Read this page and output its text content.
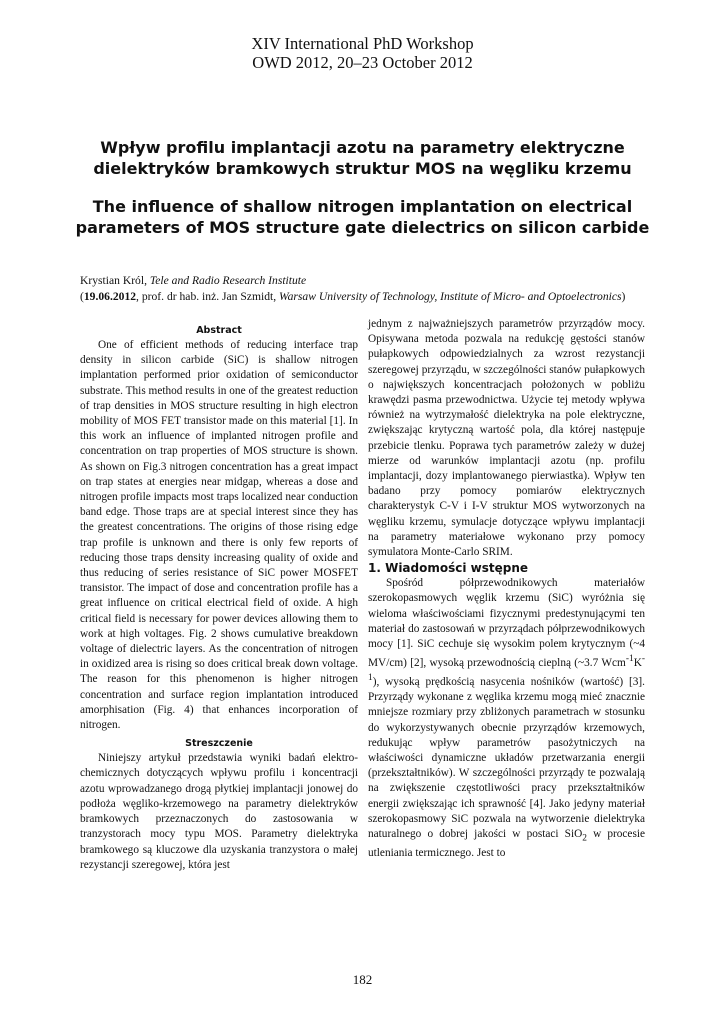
XIV International PhD Workshop
OWD 2012, 20–23 October 2012
Wpływ profilu implantacji azotu na parametry elektryczne dielektryków bramkowych struktur MOS na węgliku krzemu
The influence of shallow nitrogen implantation on electrical parameters of MOS structure gate dielectrics on silicon carbide
Krystian Król, Tele and Radio Research Institute
(19.06.2012, prof. dr hab. inż. Jan Szmidt, Warsaw University of Technology, Institute of Micro- and Optoelectronics)

Abstract

One of efficient methods of reducing interface trap density in silicon carbide (SiC) is shallow nitrogen implantation performed prior oxidation of semiconductor substrate. This method results in one of the greatest reduction of trap densities in MOS structure resulting in high electron mobility of MOS FET transistor made on this material [1]. In this work an influence of implanted nitrogen profile and concentration on trap properties of MOS structure is shown. As shown on Fig.3 nitrogen concentration has a great impact on trap states at energies near midgap, whereas a dose and nitrogen profile impacts most traps localized near conduction band edge. Those traps are at special interest since they has the greatest concentrations. The origins of those rising edge trap profile is unknown and there is only few reports of reducing those traps density increasing quality of oxide and thus reducing of series resistance of SiC power MOSFET transistor. The impact of dose and concentration profile has a great influence on critical electrical field of oxide. A high critical field is necessary for power devices allowing them to work at high voltages. Fig. 2 shows cumulative breakdown voltage of dielectric layers. As the concentration of nitrogen in oxidized area is rising so does critical break down voltage. The reason for this phenomenon is higher nitrogen concentration and surface region implantation introduced amorphisation (Fig. 4) that enhances incorporation of nitrogen.

Streszczenie

Niniejszy artykuł przedstawia wyniki badań elektro-chemicznych dotyczących wpływu profilu i koncentracji azotu wprowadzanego drogą płytkiej implantacji jonowej do podłoża węgliko-krzemowego na parametry dielektryków bramkowych przeznaczonych do zastosowania w tranzystorach mocy typu MOS. Parametry dielektryka bramkowego są kluczowe dla uzyskania tranzystora o małej rezystancji szeregowej, która jest

jednym z najważniejszych parametrów przyrządów mocy. Opisywana metoda pozwala na redukcję gęstości stanów pułapkowych odpowiedzialnych za wzrost rezystancji szeregowej przyrządu, w szczególności stanów pułapkowych o największych koncentracjach położonych w pobliżu krawędzi pasma przewodnictwa. Użycie tej metody wpływa również na wytrzymałość dielektryka na pole elektryczne, zwiększając krytyczną wartość pola, dla której następuje przebicie tlenku. Poprawa tych parametrów zależy w dużej mierze od warunków implantacji azotu (np. profilu implantacji, dozy implantowanego pierwiastka). Wpływ ten badano przy pomocy pomiarów elektrycznych charakterystyk C-V i I-V struktur MOS wytworzonych na węgliku krzemu, symulacje dotyczące wpływu implantacji na parametry materiałowe wykonano przy pomocy symulatora Monte-Carlo SRIM.

1. Wiadomości wstępne

Spośród półprzewodnikowych materiałów szerokopasmowych węglik krzemu (SiC) wyróżnia się wieloma właściwościami fizycznymi predestynującymi ten materiał do zastosowań w przyrządach półprzewodnikowych mocy [1]. SiC cechuje się wysokim polem krytycznym (~4 MV/cm) [2], wysoką przewodnością cieplną (~3.7 $Wcm^{-1}K^{-1}$), wysoką prędkością nasycenia nośników (wartość) [3]. Przyrządy wykonane z węglika krzemu mogą mieć znacznie mniejsze rozmiary przy zbliżonych parametrach w stosunku do wykorzystywanych obecnie przyrządów krzemowych, redukując wpływ parametrów pasożytniczych na właściwości dynamiczne układów przetwarzania energii (przekształtników). W szczególności przyrządy te pozwalają na zwiększenie częstotliwości pracy przekształtników energii zwiększając ich sprawność [4]. Jako jedyny materiał szerokopasmowy SiC pozwala na wytworzenie dielektryka naturalnego o dobrej jakości w postaci SiO$_2$ w procesie utleniania termicznego. Jest to

182
